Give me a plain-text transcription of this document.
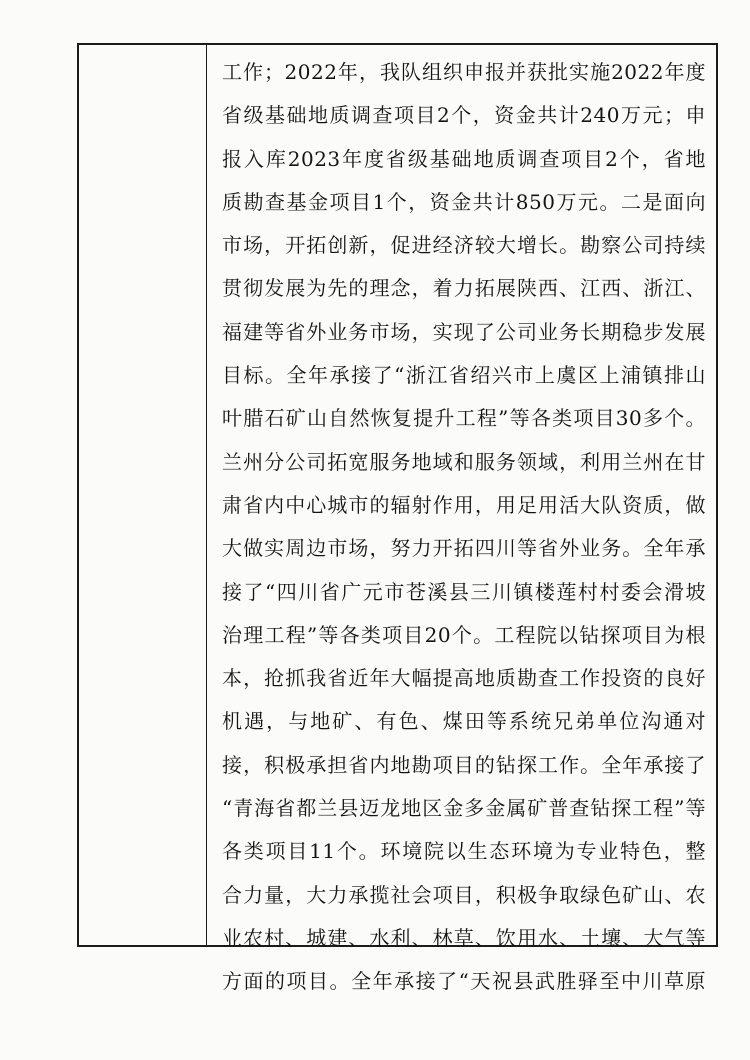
工作；2022年，我队组织申报并获批实施2022年度
省级基础地质调查项目2个，资金共计240万元；申
报入库2023年度省级基础地质调查项目2个，省地
质勘查基金项目1个，资金共计850万元。二是面向
市场，开拓创新，促进经济较大增长。勘察公司持续
贯彻发展为先的理念，着力拓展陕西、江西、浙江、
福建等省外业务市场，实现了公司业务长期稳步发展
目标。全年承接了“浙江省绍兴市上虞区上浦镇排山
叶腊石矿山自然恢复提升工程”等各类项目30多个。
兰州分公司拓宽服务地域和服务领域，利用兰州在甘
肃省内中心城市的辐射作用，用足用活大队资质，做
大做实周边市场，努力开拓四川等省外业务。全年承
接了“四川省广元市苍溪县三川镇楼莲村村委会滑坡
治理工程”等各类项目20个。工程院以钻探项目为根
本，抢抓我省近年大幅提高地质勘查工作投资的良好
机遇，与地矿、有色、煤田等系统兄弟单位沟通对
接，积极承担省内地勘项目的钻探工作。全年承接了
“青海省都兰县迈龙地区金多金属矿普查钻探工程”等
各类项目11个。环境院以生态环境为专业特色，整
合力量，大力承揽社会项目，积极争取绿色矿山、农
业农村、城建、水利、林草、饮用水、土壤、大气等
方面的项目。全年承接了“天祝县武胜驿至中川草原
